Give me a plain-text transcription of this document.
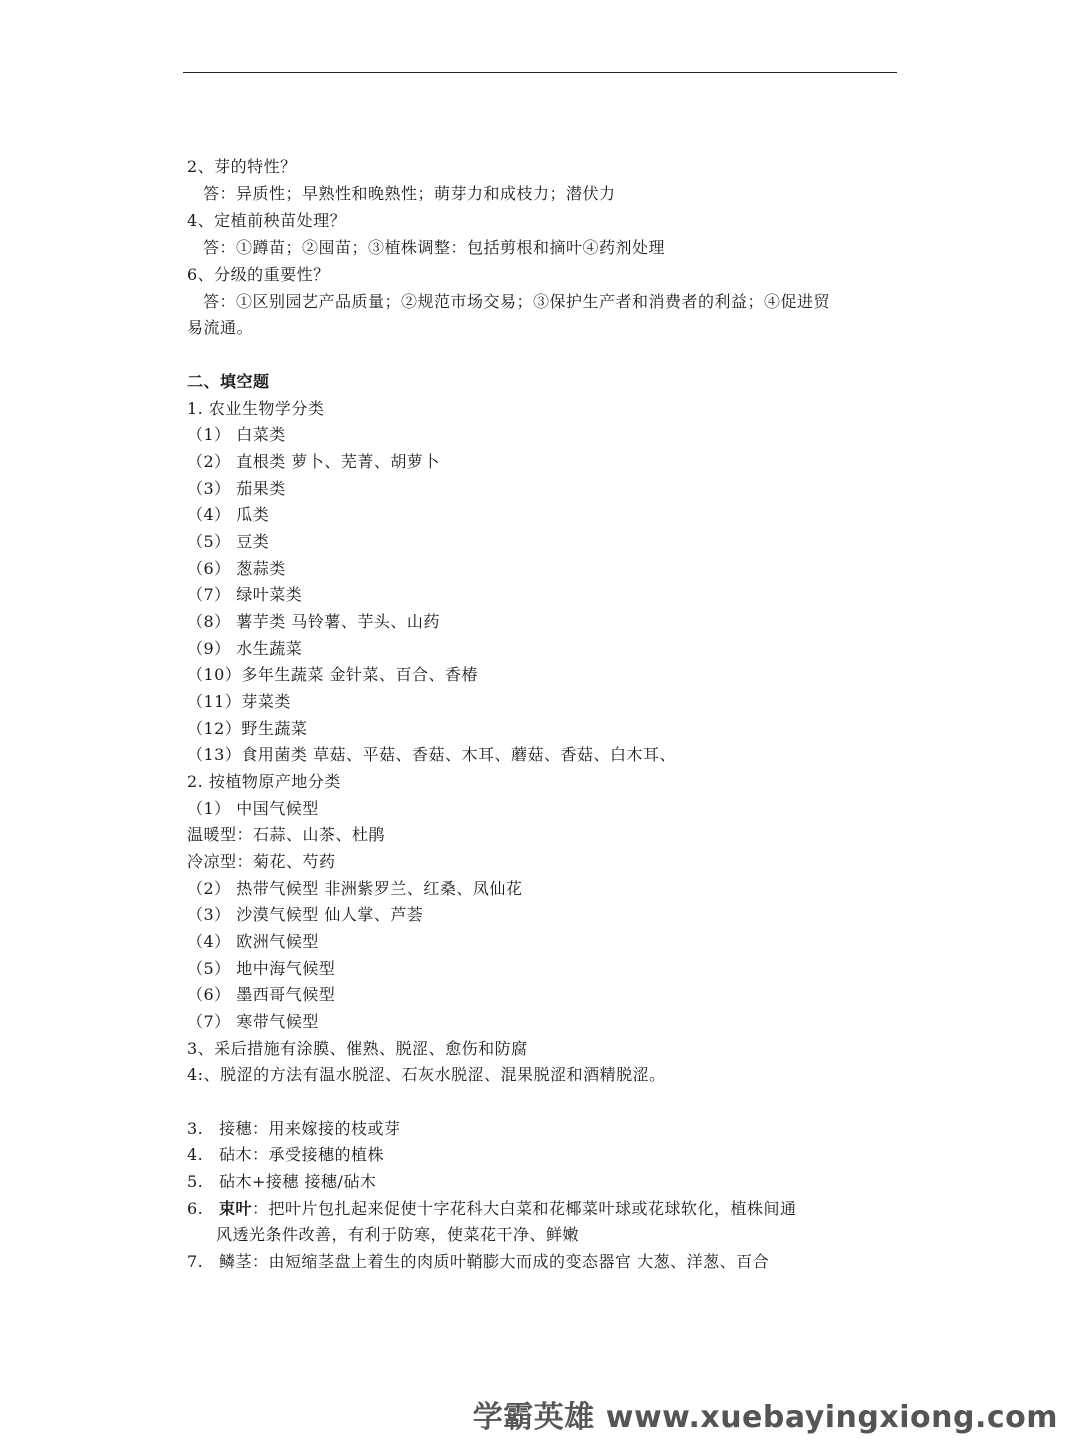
2、芽的特性？
答：异质性；早熟性和晚熟性；萌芽力和成枝力；潜伏力
4、定植前秧苗处理？
答：①蹲苗；②囤苗；③植株调整：包括剪根和摘叶④药剂处理
6、分级的重要性？
答：①区别园艺产品质量；②规范市场交易；③保护生产者和消费者的利益；④促进贸
易流通。
二、填空题
1. 农业生物学分类
（1） 白菜类
（2） 直根类 萝卜、芜菁、胡萝卜
（3） 茄果类
（4） 瓜类
（5） 豆类
（6） 葱蒜类
（7） 绿叶菜类
（8） 薯芋类 马铃薯、芋头、山药
（9） 水生蔬菜
（10）多年生蔬菜 金针菜、百合、香椿
（11）芽菜类
（12）野生蔬菜
（13）食用菌类 草菇、平菇、香菇、木耳、蘑菇、香菇、白木耳、
2. 按植物原产地分类
（1） 中国气候型
温暖型：石蒜、山茶、杜鹃
冷凉型：菊花、芍药
（2） 热带气候型 非洲紫罗兰、红桑、凤仙花
（3） 沙漠气候型 仙人掌、芦荟
（4） 欧洲气候型
（5） 地中海气候型
（6） 墨西哥气候型
（7） 寒带气候型
3、采后措施有涂膜、催熟、脱涩、愈伤和防腐
4:、脱涩的方法有温水脱涩、石灰水脱涩、混果脱涩和酒精脱涩。
3. 接穗：用来嫁接的枝或芽
4. 砧木：承受接穗的植株
5. 砧木+接穗 接穗/砧木
6. 束叶：把叶片包扎起来促使十字花科大白菜和花椰菜叶球或花球软化，植株间通
风透光条件改善，有利于防寒，使菜花干净、鲜嫩
7. 鳞茎：由短缩茎盘上着生的肉质叶鞘膨大而成的变态器官 大葱、洋葱、百合
学霸英雄 www.xuebayingxiong.com
